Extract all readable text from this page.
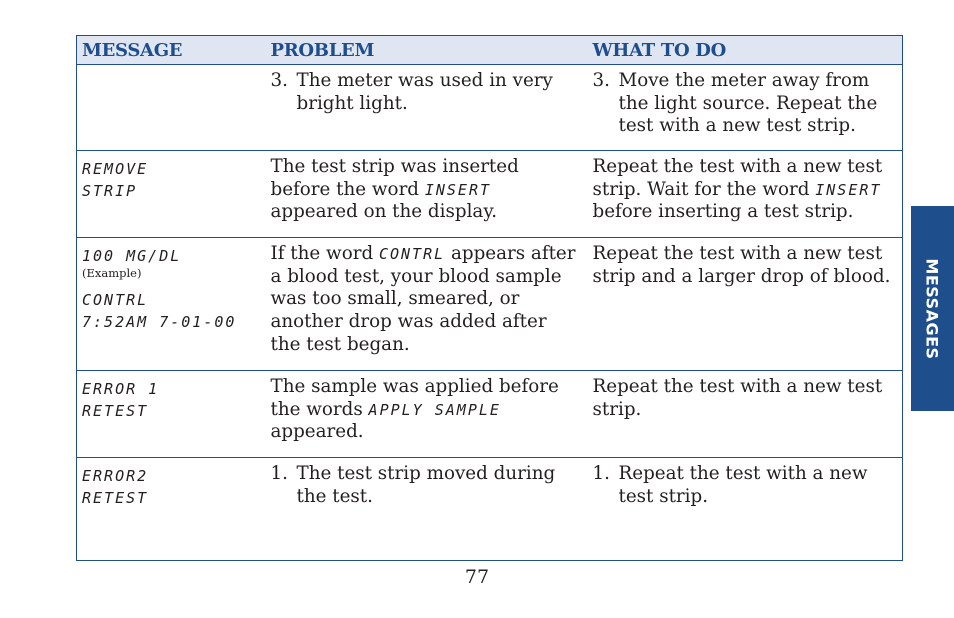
MESSAGE	PROBLEM	WHAT TO DO

	3. The meter was used in very bright light.	3. Move the meter away from the light source. Repeat the test with a new test strip.

REMOVE
STRIP	The test strip was inserted before the word INSERT appeared on the display.	Repeat the test with a new test strip. Wait for the word INSERT before inserting a test strip.

100 MG/DL
(Example)
CONTRL
7:52AM 7-01-00	If the word CONTRL appears after a blood test, your blood sample was too small, smeared, or another drop was added after the test began.	Repeat the test with a new test strip and a larger drop of blood.

ERROR 1
RETEST	The sample was applied before the words APPLY SAMPLE appeared.	Repeat the test with a new test strip.

ERROR2
RETEST	1. The test strip moved during the test.	1. Repeat the test with a new test strip.
MESSAGES
77
